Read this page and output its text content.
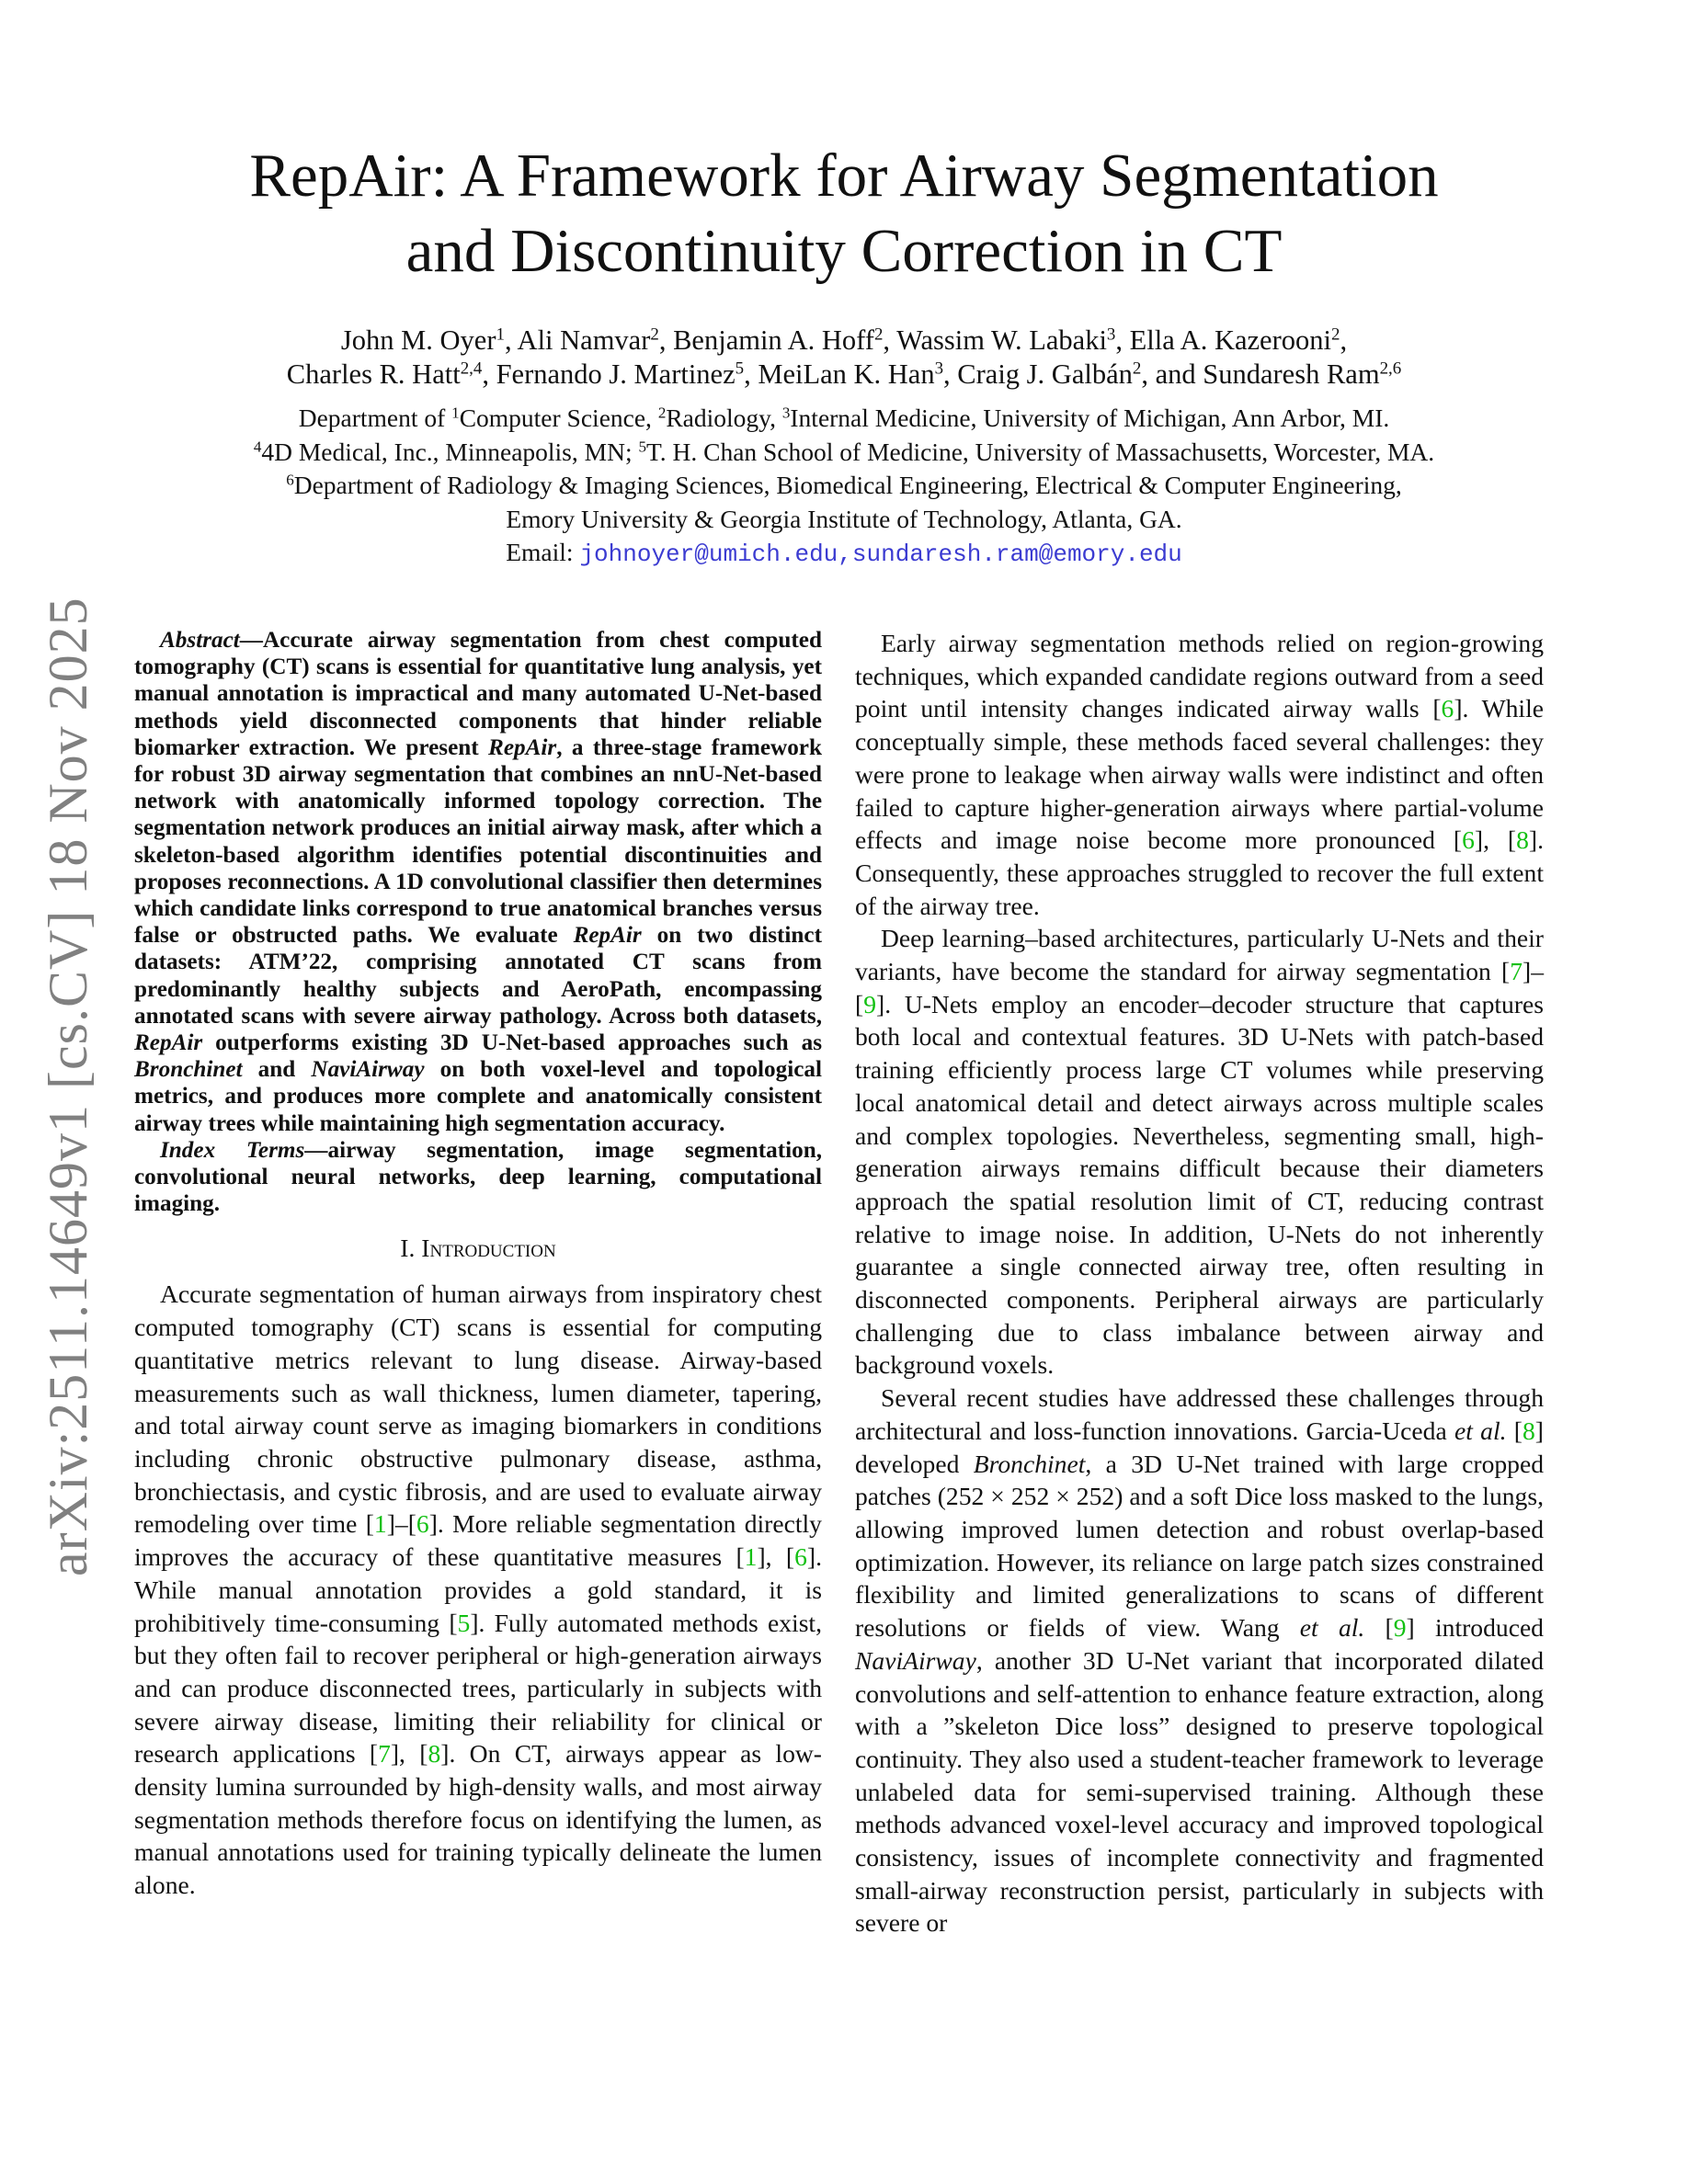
RepAir: A Framework for Airway Segmentation
and Discontinuity Correction in CT
John M. Oyer$^1$, Ali Namvar$^2$, Benjamin A. Hoff$^2$, Wassim W. Labaki$^3$, Ella A. Kazerooni$^2$,
Charles R. Hatt$^{2,4}$, Fernando J. Martinez$^5$, MeiLan K. Han$^3$, Craig J. Galbán$^2$, and Sundaresh Ram$^{2,6}$
Department of $^1$Computer Science, $^2$Radiology, $^3$Internal Medicine, University of Michigan, Ann Arbor, MI.
$^4$4D Medical, Inc., Minneapolis, MN; $^5$T. H. Chan School of Medicine, University of Massachusetts, Worcester, MA.
$^6$Department of Radiology & Imaging Sciences, Biomedical Engineering, Electrical & Computer Engineering,
Emory University & Georgia Institute of Technology, Atlanta, GA.
Email: johnoyer@umich.edu,sundaresh.ram@emory.edu
arXiv:2511.14649v1 [cs.CV] 18 Nov 2025	Abstract—Accurate airway segmentation from chest computed tomography (CT) scans is essential for quantitative lung analysis, yet manual annotation is impractical and many automated U-Net-based methods yield disconnected components that hinder reliable biomarker extraction. We present RepAir, a three-stage framework for robust 3D airway segmentation that combines an nnU-Net-based network with anatomically informed topology correction. The segmentation network produces an initial airway mask, after which a skeleton-based algorithm identifies potential discontinuities and proposes reconnections. A 1D convolutional classifier then determines which candidate links correspond to true anatomical branches versus false or obstructed paths. We evaluate RepAir on two distinct datasets: ATM’22, comprising annotated CT scans from predominantly healthy subjects and AeroPath, encompassing annotated scans with severe airway pathology. Across both datasets, RepAir outperforms existing 3D U-Net-based approaches such as Bronchinet and NaviAirway on both voxel-level and topological metrics, and produces more complete and anatomically consistent airway trees while maintaining high segmentation accuracy.

Index Terms—airway segmentation, image segmentation, convolutional neural networks, deep learning, computational imaging.

I. Introduction

Accurate segmentation of human airways from inspiratory chest computed tomography (CT) scans is essential for computing quantitative metrics relevant to lung disease. Airway-based measurements such as wall thickness, lumen diameter, tapering, and total airway count serve as imaging biomarkers in conditions including chronic obstructive pulmonary disease, asthma, bronchiectasis, and cystic fibrosis, and are used to evaluate airway remodeling over time [1]–[6]. More reliable segmentation directly improves the accuracy of these quantitative measures [1], [6]. While manual annotation provides a gold standard, it is prohibitively time-consuming [5]. Fully automated methods exist, but they often fail to recover peripheral or high-generation airways and can produce disconnected trees, particularly in subjects with severe airway disease, limiting their reliability for clinical or research applications [7], [8]. On CT, airways appear as low-density lumina surrounded by high-density walls, and most airway segmentation methods therefore focus on identifying the lumen, as manual annotations used for training typically delineate the lumen alone.

Early airway segmentation methods relied on region-growing techniques, which expanded candidate regions outward from a seed point until intensity changes indicated airway walls [6]. While conceptually simple, these methods faced several challenges: they were prone to leakage when airway walls were indistinct and often failed to capture higher-generation airways where partial-volume effects and image noise become more pronounced [6], [8]. Consequently, these approaches struggled to recover the full extent of the airway tree.

Deep learning–based architectures, particularly U-Nets and their variants, have become the standard for airway segmentation [7]–[9]. U-Nets employ an encoder–decoder structure that captures both local and contextual features. 3D U-Nets with patch-based training efficiently process large CT volumes while preserving local anatomical detail and detect airways across multiple scales and complex topologies. Nevertheless, segmenting small, high-generation airways remains difficult because their diameters approach the spatial resolution limit of CT, reducing contrast relative to image noise. In addition, U-Nets do not inherently guarantee a single connected airway tree, often resulting in disconnected components. Peripheral airways are particularly challenging due to class imbalance between airway and background voxels.

Several recent studies have addressed these challenges through architectural and loss-function innovations. Garcia-Uceda et al. [8] developed Bronchinet, a 3D U-Net trained with large cropped patches (252 × 252 × 252) and a soft Dice loss masked to the lungs, allowing improved lumen detection and robust overlap-based optimization. However, its reliance on large patch sizes constrained flexibility and limited generalizations to scans of different resolutions or fields of view. Wang et al. [9] introduced NaviAirway, another 3D U-Net variant that incorporated dilated convolutions and self-attention to enhance feature extraction, along with a ”skeleton Dice loss” designed to preserve topological continuity. They also used a student-teacher framework to leverage unlabeled data for semi-supervised training. Although these methods advanced voxel-level accuracy and improved topological consistency, issues of incomplete connectivity and fragmented small-airway reconstruction persist, particularly in subjects with severe or
